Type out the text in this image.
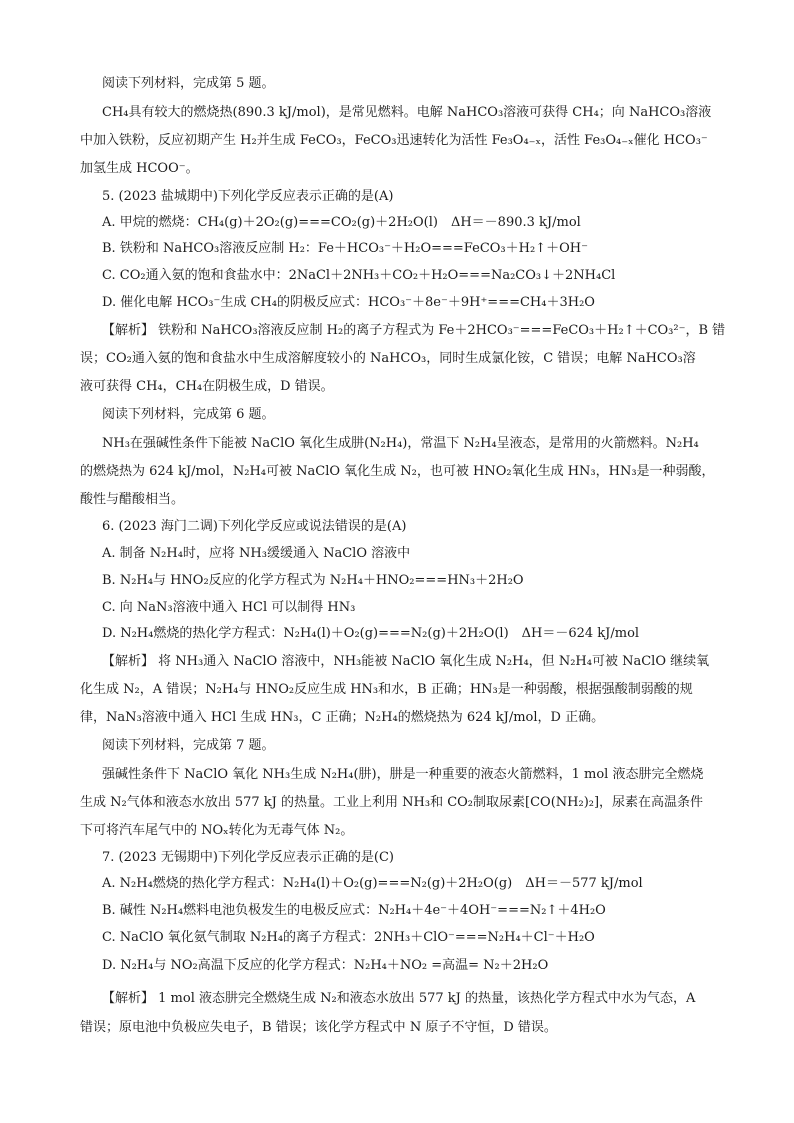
阅读下列材料，完成第 5 题。
CH₄具有较大的燃烧热(890.3 kJ/mol)，是常见燃料。电解 NaHCO₃溶液可获得 CH₄；向 NaHCO₃溶液
中加入铁粉，反应初期产生 H₂并生成 FeCO₃，FeCO₃迅速转化为活性 Fe₃O₄₋ₓ，活性 Fe₃O₄₋ₓ催化 HCO₃⁻
加氢生成 HCOO⁻。
5. (2023 盐城期中)下列化学反应表示正确的是(A)
A. 甲烷的燃烧：CH₄(g)＋2O₂(g)===CO₂(g)＋2H₂O(l)　ΔH＝－890.3 kJ/mol
B. 铁粉和 NaHCO₃溶液反应制 H₂：Fe＋HCO₃⁻＋H₂O===FeCO₃＋H₂↑＋OH⁻
C. CO₂通入氨的饱和食盐水中：2NaCl＋2NH₃＋CO₂＋H₂O===Na₂CO₃↓＋2NH₄Cl
D. 催化电解 HCO₃⁻生成 CH₄的阴极反应式：HCO₃⁻＋8e⁻＋9H⁺===CH₄＋3H₂O
【解析】 铁粉和 NaHCO₃溶液反应制 H₂的离子方程式为 Fe＋2HCO₃⁻===FeCO₃＋H₂↑＋CO₃²⁻，B 错
误；CO₂通入氨的饱和食盐水中生成溶解度较小的 NaHCO₃，同时生成氯化铵，C 错误；电解 NaHCO₃溶
液可获得 CH₄，CH₄在阴极生成，D 错误。
阅读下列材料，完成第 6 题。
NH₃在强碱性条件下能被 NaClO 氧化生成肼(N₂H₄)，常温下 N₂H₄呈液态，是常用的火箭燃料。N₂H₄
的燃烧热为 624 kJ/mol，N₂H₄可被 NaClO 氧化生成 N₂，也可被 HNO₂氧化生成 HN₃，HN₃是一种弱酸，
酸性与醋酸相当。
6. (2023 海门二调)下列化学反应或说法错误的是(A)
A. 制备 N₂H₄时，应将 NH₃缓缓通入 NaClO 溶液中
B. N₂H₄与 HNO₂反应的化学方程式为 N₂H₄＋HNO₂===HN₃＋2H₂O
C. 向 NaN₃溶液中通入 HCl 可以制得 HN₃
D. N₂H₄燃烧的热化学方程式：N₂H₄(l)＋O₂(g)===N₂(g)＋2H₂O(l)　ΔH＝－624 kJ/mol
【解析】 将 NH₃通入 NaClO 溶液中，NH₃能被 NaClO 氧化生成 N₂H₄，但 N₂H₄可被 NaClO 继续氧
化生成 N₂，A 错误；N₂H₄与 HNO₂反应生成 HN₃和水，B 正确；HN₃是一种弱酸，根据强酸制弱酸的规
律，NaN₃溶液中通入 HCl 生成 HN₃，C 正确；N₂H₄的燃烧热为 624 kJ/mol，D 正确。
阅读下列材料，完成第 7 题。
强碱性条件下 NaClO 氧化 NH₃生成 N₂H₄(肼)，肼是一种重要的液态火箭燃料，1 mol 液态肼完全燃烧
生成 N₂气体和液态水放出 577 kJ 的热量。工业上利用 NH₃和 CO₂制取尿素[CO(NH₂)₂]，尿素在高温条件
下可将汽车尾气中的 NOₓ转化为无毒气体 N₂。
7. (2023 无锡期中)下列化学反应表示正确的是(C)
A. N₂H₄燃烧的热化学方程式：N₂H₄(l)＋O₂(g)===N₂(g)＋2H₂O(g)　ΔH＝－577 kJ/mol
B. 碱性 N₂H₄燃料电池负极发生的电极反应式：N₂H₄＋4e⁻＋4OH⁻===N₂↑＋4H₂O
C. NaClO 氧化氨气制取 N₂H₄的离子方程式：2NH₃＋ClO⁻===N₂H₄＋Cl⁻＋H₂O
D. N₂H₄与 NO₂高温下反应的化学方程式：N₂H₄＋NO₂ =高温= N₂＋2H₂O
【解析】 1 mol 液态肼完全燃烧生成 N₂和液态水放出 577 kJ 的热量，该热化学方程式中水为气态，A
错误；原电池中负极应失电子，B 错误；该化学方程式中 N 原子不守恒，D 错误。
